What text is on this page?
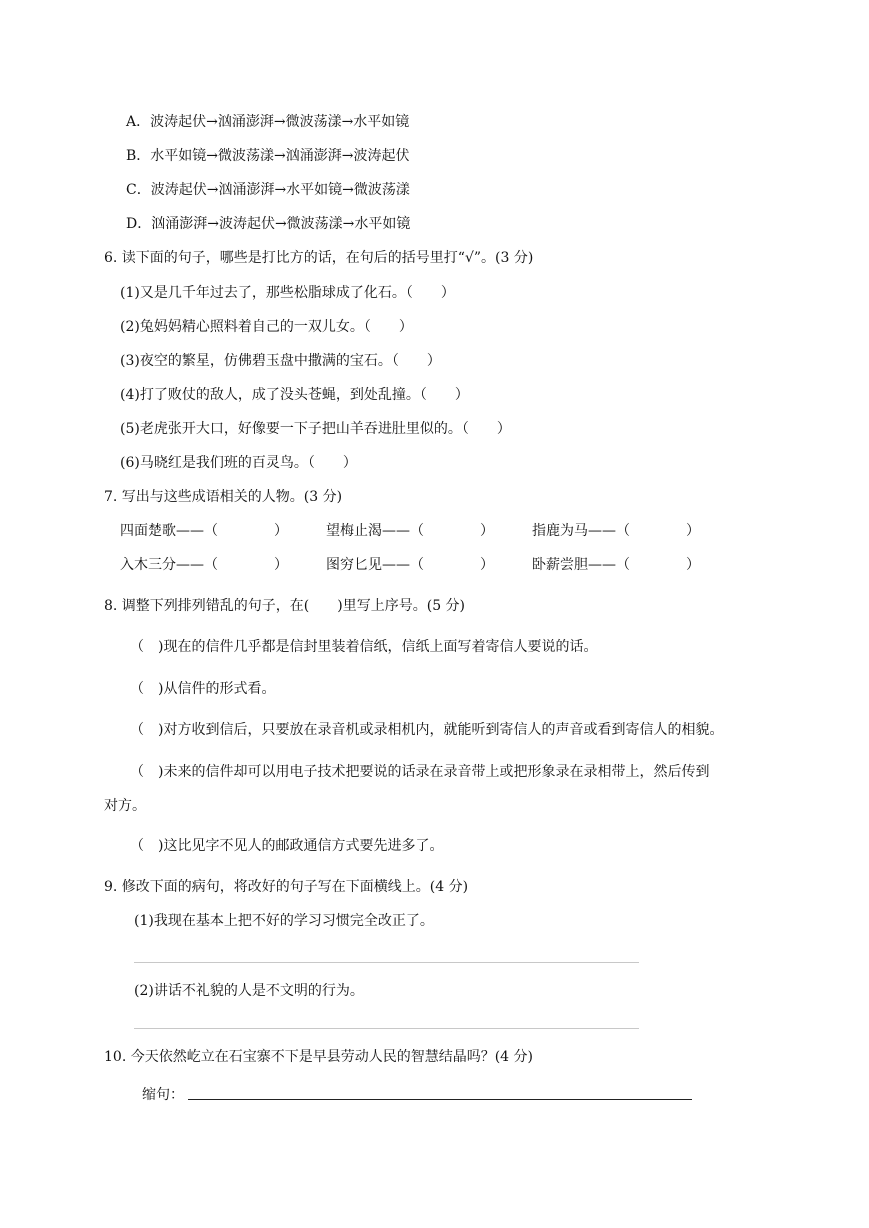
A．波涛起伏→汹涌澎湃→微波荡漾→水平如镜
B．水平如镜→微波荡漾→汹涌澎湃→波涛起伏
C．波涛起伏→汹涌澎湃→水平如镜→微波荡漾
D．汹涌澎湃→波涛起伏→微波荡漾→水平如镜
6. 读下面的句子，哪些是打比方的话，在句后的括号里打“√”。(3 分)
(1)又是几千年过去了，那些松脂球成了化石。（　　）
(2)兔妈妈精心照料着自己的一双儿女。（　　）
(3)夜空的繁星，仿佛碧玉盘中撒满的宝石。（　　）
(4)打了败仗的敌人，成了没头苍蝇，到处乱撞。（　　）
(5)老虎张开大口，好像要一下子把山羊吞进肚里似的。（　　）
(6)马晓红是我们班的百灵鸟。（　　）
7. 写出与这些成语相关的人物。(3 分)
四面楚歌——（　　　　）	望梅止渴——（　　　　）	指鹿为马——（　　　　）
入木三分——（　　　　）	图穷匕见——（　　　　）	卧薪尝胆——（　　　　）
8. 调整下列排列错乱的句子，在(　　)里写上序号。(5 分)
（　)现在的信件几乎都是信封里装着信纸，信纸上面写着寄信人要说的话。
（　)从信件的形式看。
（　)对方收到信后，只要放在录音机或录相机内，就能听到寄信人的声音或看到寄信人的相貌。
（　)未来的信件却可以用电子技术把要说的话录在录音带上或把形象录在录相带上，然后传到
对方。
（　)这比见字不见人的邮政通信方式要先进多了。
9. 修改下面的病句，将改好的句子写在下面横线上。(4 分)
(1)我现在基本上把不好的学习习惯完全改正了。
(2)讲话不礼貌的人是不文明的行为。
10. 今天依然屹立在石宝寨不下是早县劳动人民的智慧结晶吗？(4 分)
缩句：
